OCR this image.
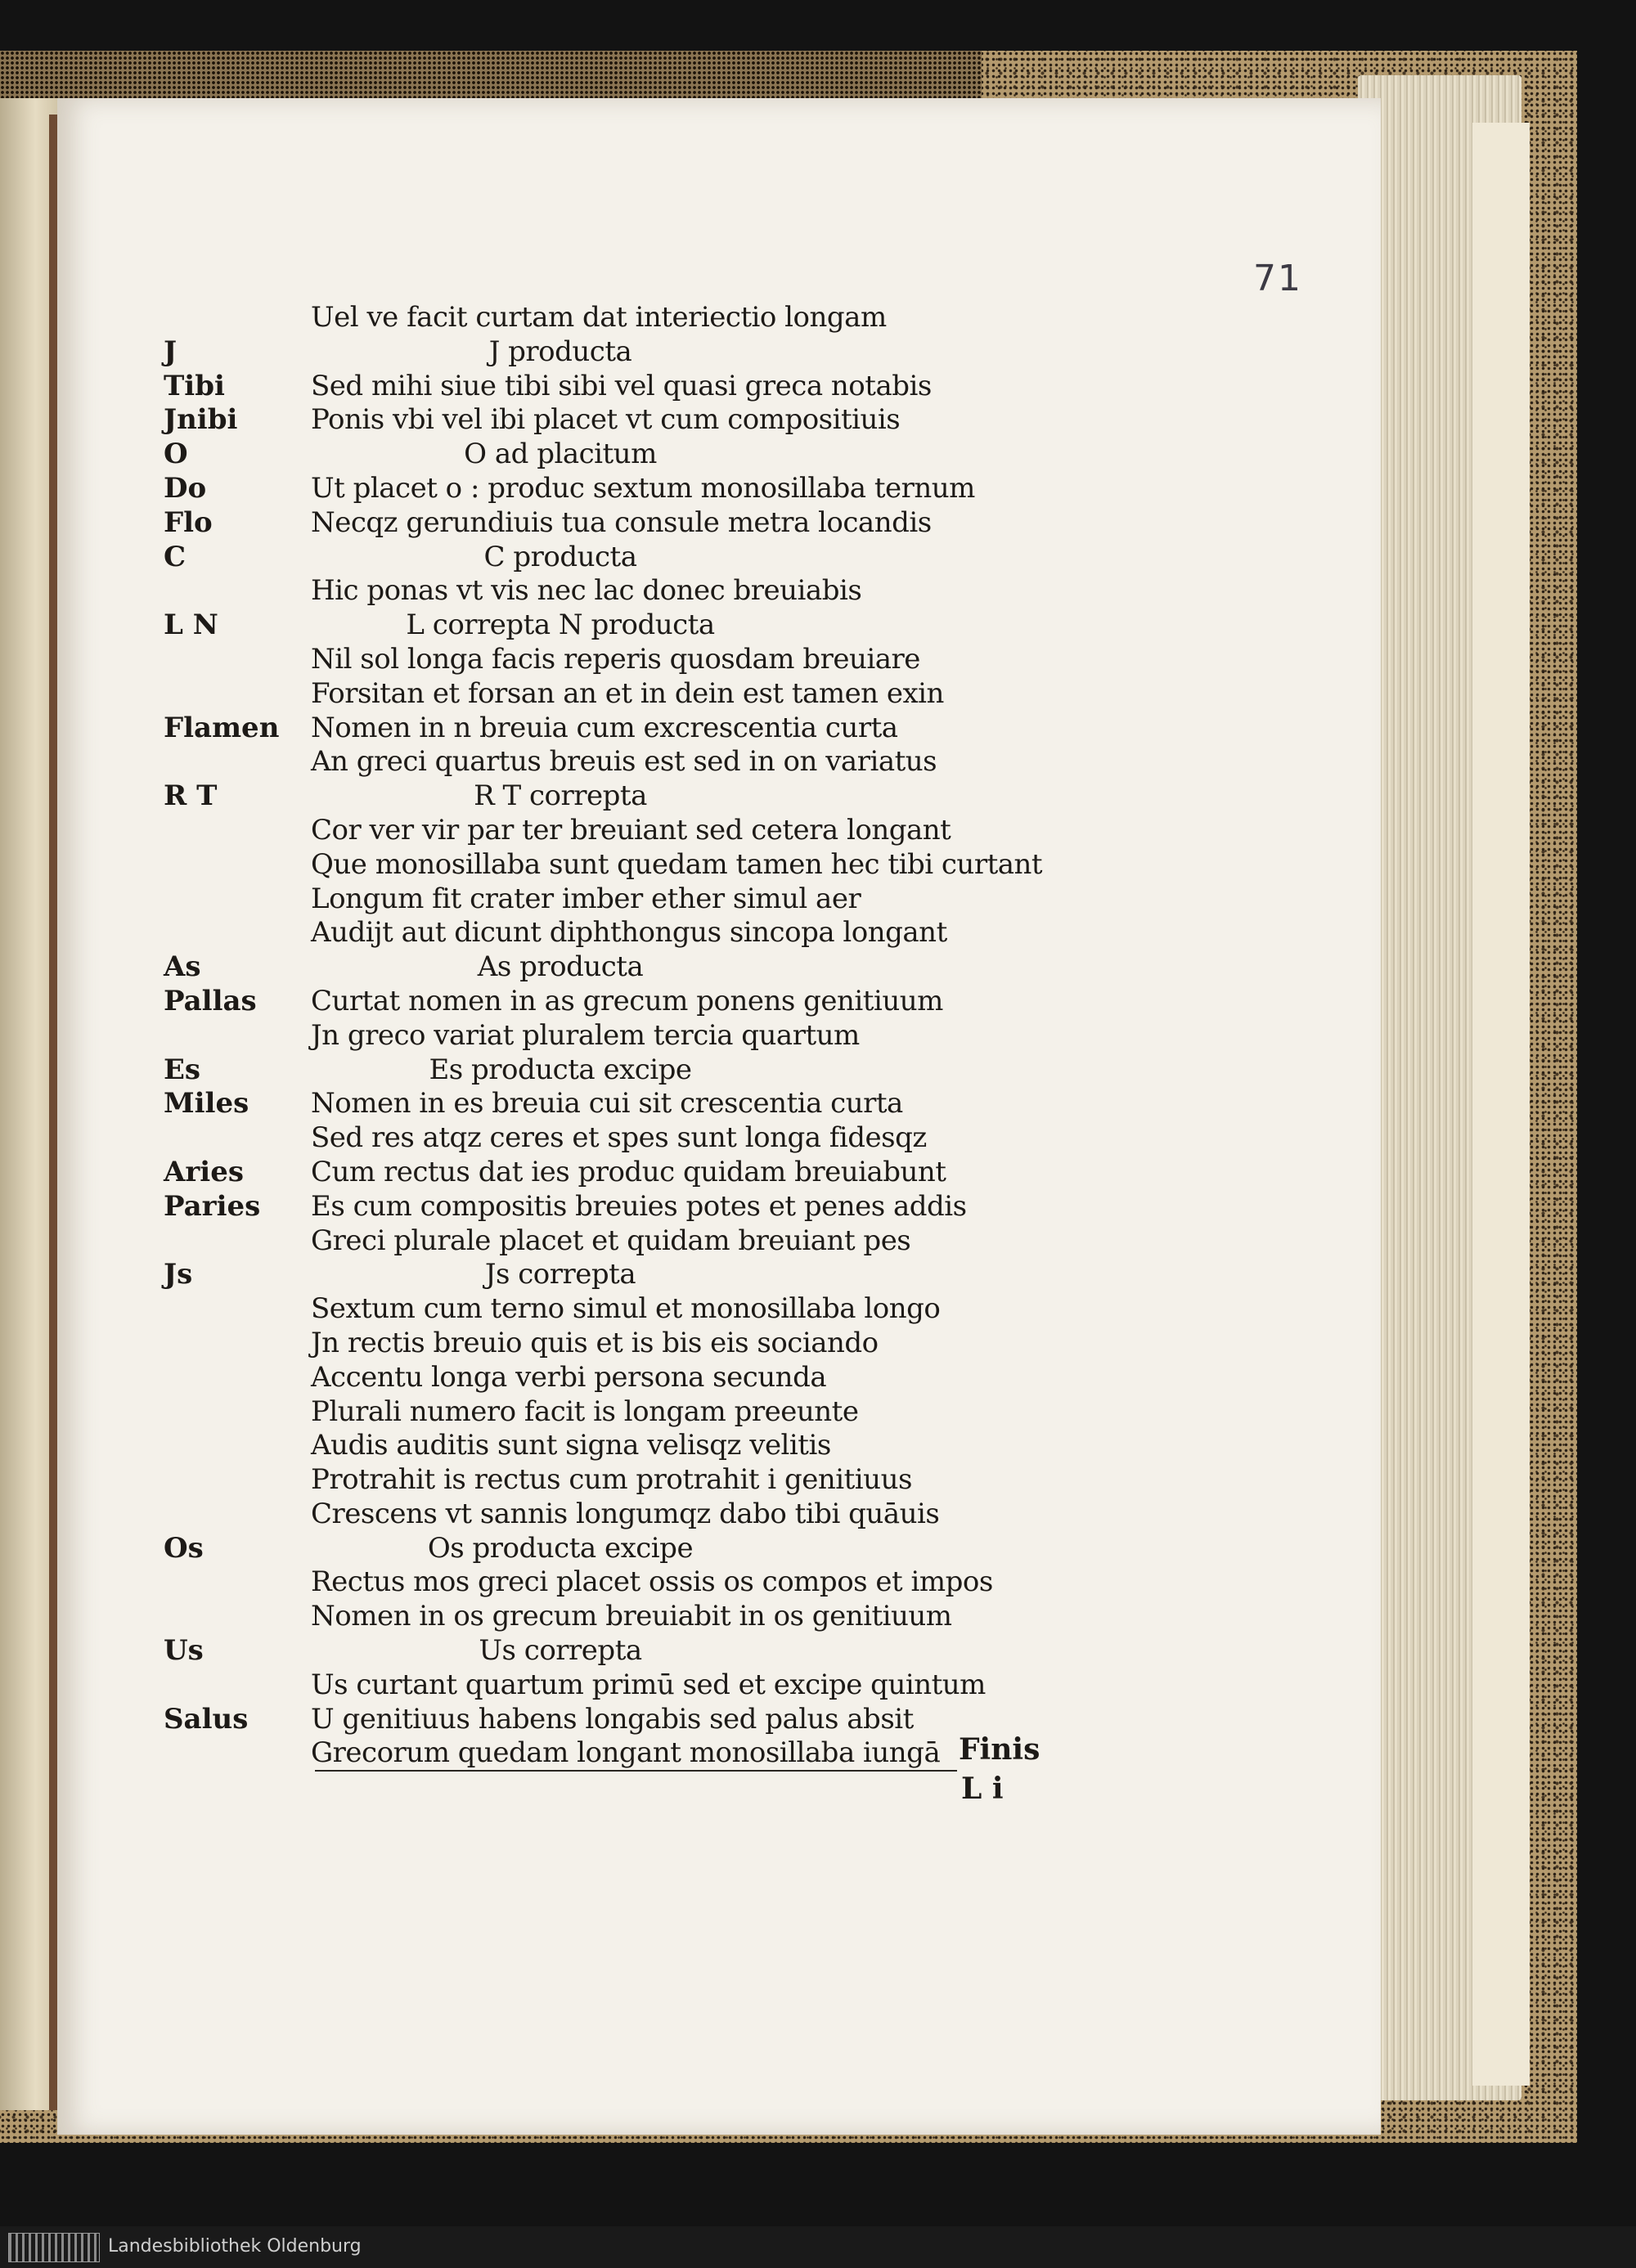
71
Uel ve facit curtam dat interiectio longam
J	J producta
Tibi	Sed mihi siue tibi sibi vel quasi greca notabis
Jnibi	Ponis vbi vel ibi placet vt cum compositiuis
O	O ad placitum
Do	Ut placet o : produc sextum monosillaba ternum
Flo	Necqz gerundiuis tua consule metra locandis
C	C producta
Hic ponas vt vis nec lac donec breuiabis
L N	L correpta N producta
Nil sol longa facis reperis quosdam breuiare
Forsitan et forsan an et in dein est tamen exin
Flamen	Nomen in n breuia cum excrescentia curta
An greci quartus breuis est sed in on variatus
R T	R T correpta
Cor ver vir par ter breuiant sed cetera longant
Que monosillaba sunt quedam tamen hec tibi curtant
Longum fit crater imber ether simul aer
Audijt aut dicunt diphthongus sincopa longant
As	As producta
Pallas	Curtat nomen in as grecum ponens genitiuum
Jn greco variat pluralem tercia quartum
Es	Es producta excipe
Miles	Nomen in es breuia cui sit crescentia curta
Sed res atqz ceres et spes sunt longa fidesqz
Aries	Cum rectus dat ies produc quidam breuiabunt
Paries	Es cum compositis breuies potes et penes addis
Greci plurale placet et quidam breuiant pes
Js	Js correpta
Sextum cum terno simul et monosillaba longo
Jn rectis breuio quis et is bis eis sociando
Accentu longa verbi persona secunda
Plurali numero facit is longam preeunte
Audis auditis sunt signa velisqz velitis
Protrahit is rectus cum protrahit i genitiuus
Crescens vt sannis longumqz dabo tibi quāuis
Os	Os producta excipe
Rectus mos greci placet ossis os compos et impos
Nomen in os grecum breuiabit in os genitiuum
Us	Us correpta
Us curtant quartum primū sed et excipe quintum
Salus	U genitiuus habens longabis sed palus absit
Grecorum quedam longant monosillaba iungā Finis
L i
Landesbibliothek Oldenburg
